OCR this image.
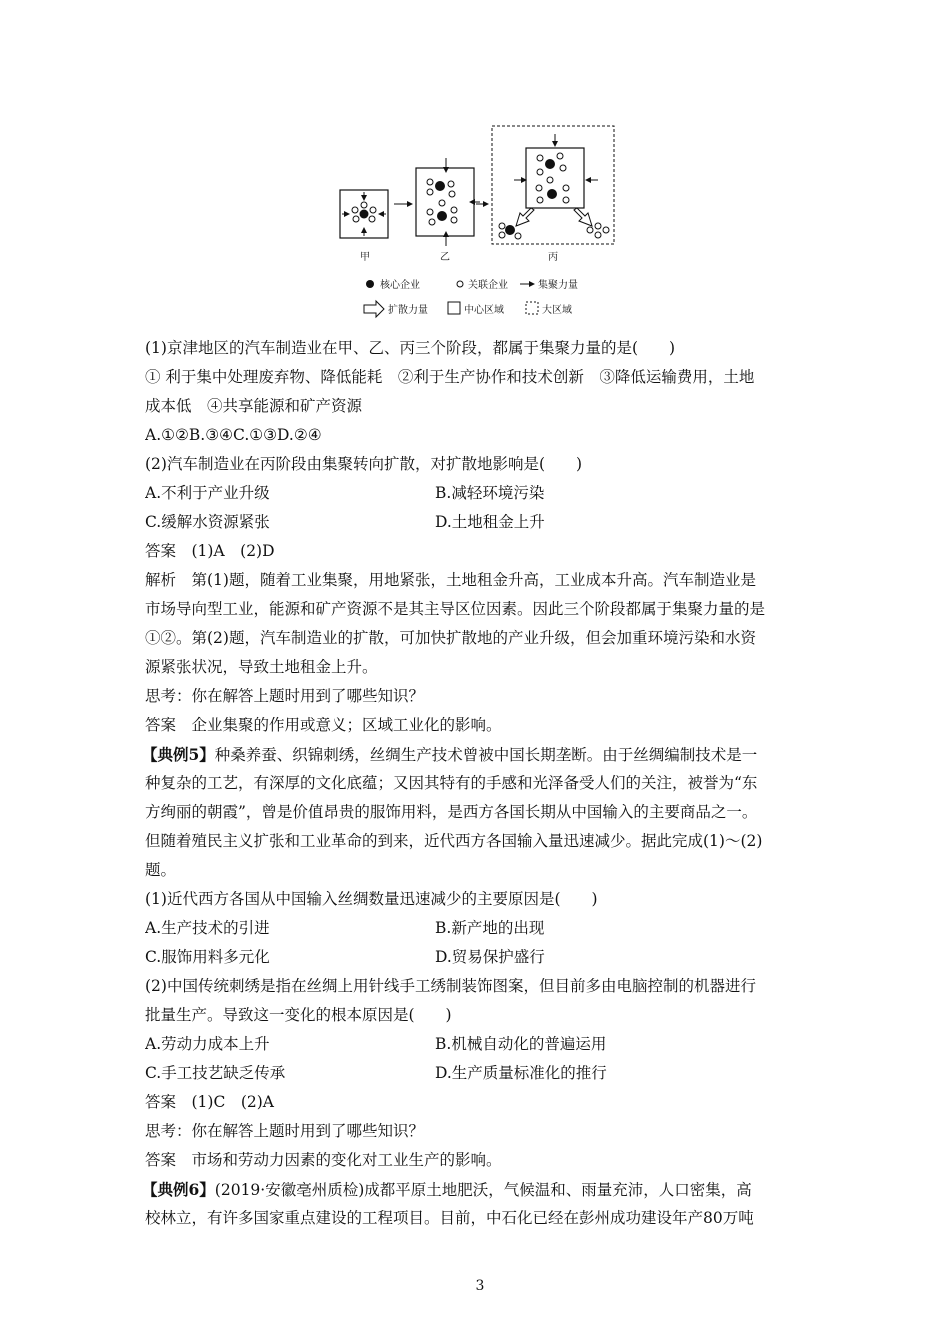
甲	乙	丙
核心企业	关联企业	集聚力量
扩散力量	中心区域	大区域
(1)京津地区的汽车制造业在甲、乙、丙三个阶段，都属于集聚力量的是(　　)
① 利于集中处理废弃物、降低能耗　②利于生产协作和技术创新　③降低运输费用，土地
成本低　④共享能源和矿产资源
A.①②B.③④C.①③D.②④
(2)汽车制造业在丙阶段由集聚转向扩散，对扩散地影响是(　　)
A.不利于产业升级	B.减轻环境污染
C.缓解水资源紧张	D.土地租金上升
答案　(1)A　(2)D
解析　第(1)题，随着工业集聚，用地紧张，土地租金升高，工业成本升高。汽车制造业是
市场导向型工业，能源和矿产资源不是其主导区位因素。因此三个阶段都属于集聚力量的是
①②。第(2)题，汽车制造业的扩散，可加快扩散地的产业升级，但会加重环境污染和水资
源紧张状况，导致土地租金上升。
思考：你在解答上题时用到了哪些知识？
答案　企业集聚的作用或意义；区域工业化的影响。
【典例5】种桑养蚕、织锦刺绣，丝绸生产技术曾被中国长期垄断。由于丝绸编制技术是一
种复杂的工艺，有深厚的文化底蕴；又因其特有的手感和光泽备受人们的关注，被誉为“东
方绚丽的朝霞”，曾是价值昂贵的服饰用料，是西方各国长期从中国输入的主要商品之一。
但随着殖民主义扩张和工业革命的到来，近代西方各国输入量迅速减少。据此完成(1)～(2)
题。
(1)近代西方各国从中国输入丝绸数量迅速减少的主要原因是(　　)
A.生产技术的引进	B.新产地的出现
C.服饰用料多元化	D.贸易保护盛行
(2)中国传统刺绣是指在丝绸上用针线手工绣制装饰图案，但目前多由电脑控制的机器进行
批量生产。导致这一变化的根本原因是(　　)
A.劳动力成本上升	B.机械自动化的普遍运用
C.手工技艺缺乏传承	D.生产质量标准化的推行
答案　(1)C　(2)A
思考：你在解答上题时用到了哪些知识？
答案　市场和劳动力因素的变化对工业生产的影响。
【典例6】(2019·安徽亳州质检)成都平原土地肥沃，气候温和、雨量充沛，人口密集，高
校林立，有许多国家重点建设的工程项目。目前，中石化已经在彭州成功建设年产80万吨
3
